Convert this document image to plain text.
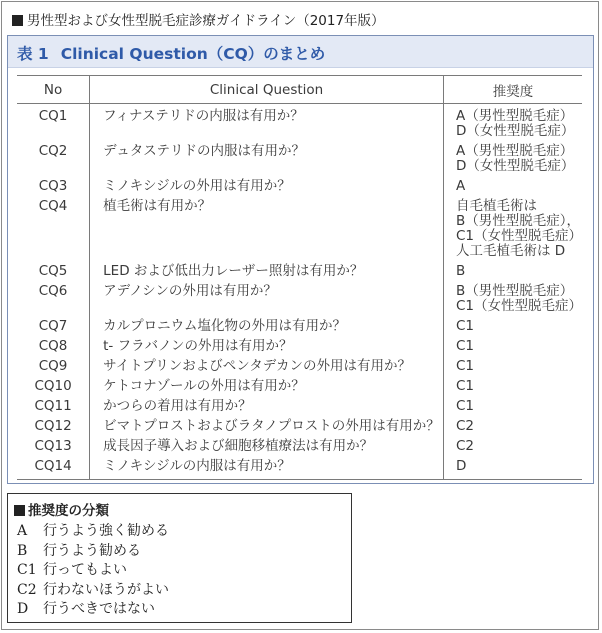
男性型および女性型脱毛症診療ガイドライン（2017年版）
表 1 Clinical Question（CQ）のまとめ
No	Clinical Question	推奨度
CQ1	フィナステリドの内服は有用か？	A（男性型脱毛症）
D（女性型脱毛症）

CQ2	デュタステリドの内服は有用か？	A（男性型脱毛症）
D（女性型脱毛症）

CQ3	ミノキシジルの外用は有用か？	A

CQ4	植毛術は有用か？	自毛植毛術は
B（男性型脱毛症），
C1（女性型脱毛症）
人工毛植毛術は D

CQ5	LED および低出力レーザー照射は有用か？	B

CQ6	アデノシンの外用は有用か？	B（男性型脱毛症）
C1（女性型脱毛症）

CQ7	カルプロニウム塩化物の外用は有用か？	C1

CQ8	t- フラバノンの外用は有用か？	C1

CQ9	サイトプリンおよびペンタデカンの外用は有用か？	C1

CQ10	ケトコナゾールの外用は有用か？	C1

CQ11	かつらの着用は有用か？	C1

CQ12	ビマトプロストおよびラタノプロストの外用は有用か？	C2

CQ13	成長因子導入および細胞移植療法は有用か？	C2

CQ14	ミノキシジルの内服は有用か？	D
推奨度の分類
A 行うよう強く勧める
B 行うよう勧める
C1 行ってもよい
C2 行わないほうがよい
D 行うべきではない
